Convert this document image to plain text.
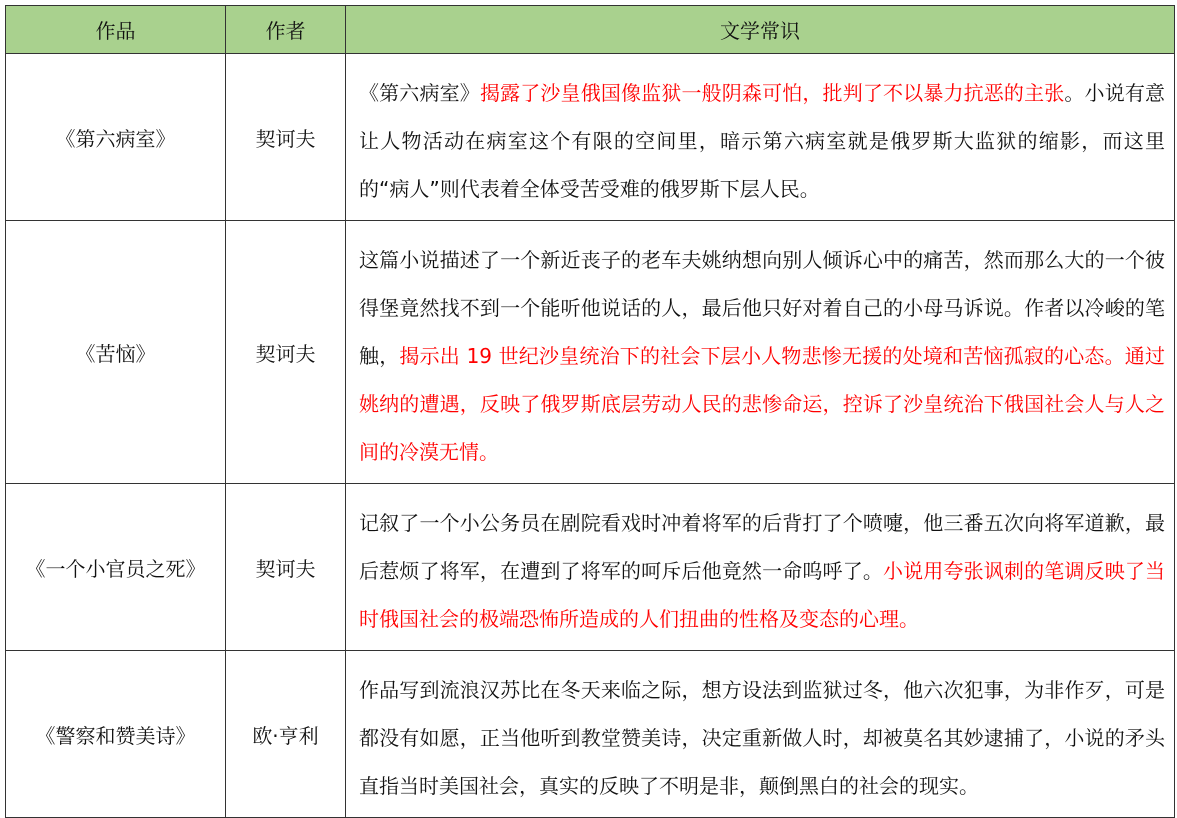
作品	作者	文学常识
《第六病室》	契诃夫	《第六病室》揭露了沙皇俄国像监狱一般阴森可怕，批判了不以暴力抗恶的主张。小说有意让人物活动在病室这个有限的空间里，暗示第六病室就是俄罗斯大监狱的缩影，而这里的“病人”则代表着全体受苦受难的俄罗斯下层人民。
《苦恼》	契诃夫	这篇小说描述了一个新近丧子的老车夫姚纳想向别人倾诉心中的痛苦，然而那么大的一个彼得堡竟然找不到一个能听他说话的人，最后他只好对着自己的小母马诉说。作者以冷峻的笔触，揭示出 19 世纪沙皇统治下的社会下层小人物悲惨无援的处境和苦恼孤寂的心态。通过姚纳的遭遇，反映了俄罗斯底层劳动人民的悲惨命运，控诉了沙皇统治下俄国社会人与人之间的冷漠无情。
《一个小官员之死》	契诃夫	记叙了一个小公务员在剧院看戏时冲着将军的后背打了个喷嚏，他三番五次向将军道歉，最后惹烦了将军，在遭到了将军的呵斥后他竟然一命呜呼了。小说用夸张讽刺的笔调反映了当时俄国社会的极端恐怖所造成的人们扭曲的性格及变态的心理。
《警察和赞美诗》	欧·亨利	作品写到流浪汉苏比在冬天来临之际，想方设法到监狱过冬，他六次犯事，为非作歹，可是都没有如愿，正当他听到教堂赞美诗，决定重新做人时，却被莫名其妙逮捕了，小说的矛头直指当时美国社会，真实的反映了不明是非，颠倒黑白的社会的现实。
